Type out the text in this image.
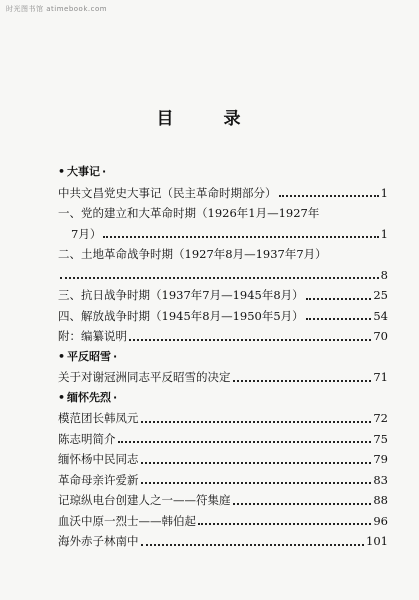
时光图书馆 atimebook.com
目 录
• 大事记 ·
中共文昌党史大事记（民主革命时期部分）	1
一、党的建立和大革命时期（1926年1月—1927年
7月）	1
二、土地革命战争时期（1927年8月—1937年7月）
8
三、抗日战争时期（1937年7月—1945年8月）	25
四、解放战争时期（1945年8月—1950年5月）	54
附：编纂说明	70
• 平反昭雪 ·
关于对谢冠洲同志平反昭雪的决定	71
• 缅怀先烈 ·
模范团长韩凤元	72
陈志明简介	75
缅怀杨中民同志	79
革命母亲许爱新	83
记琼纵电台创建人之一——符集庭	88
血沃中原一烈士——韩伯起	96
海外赤子林南中	101
